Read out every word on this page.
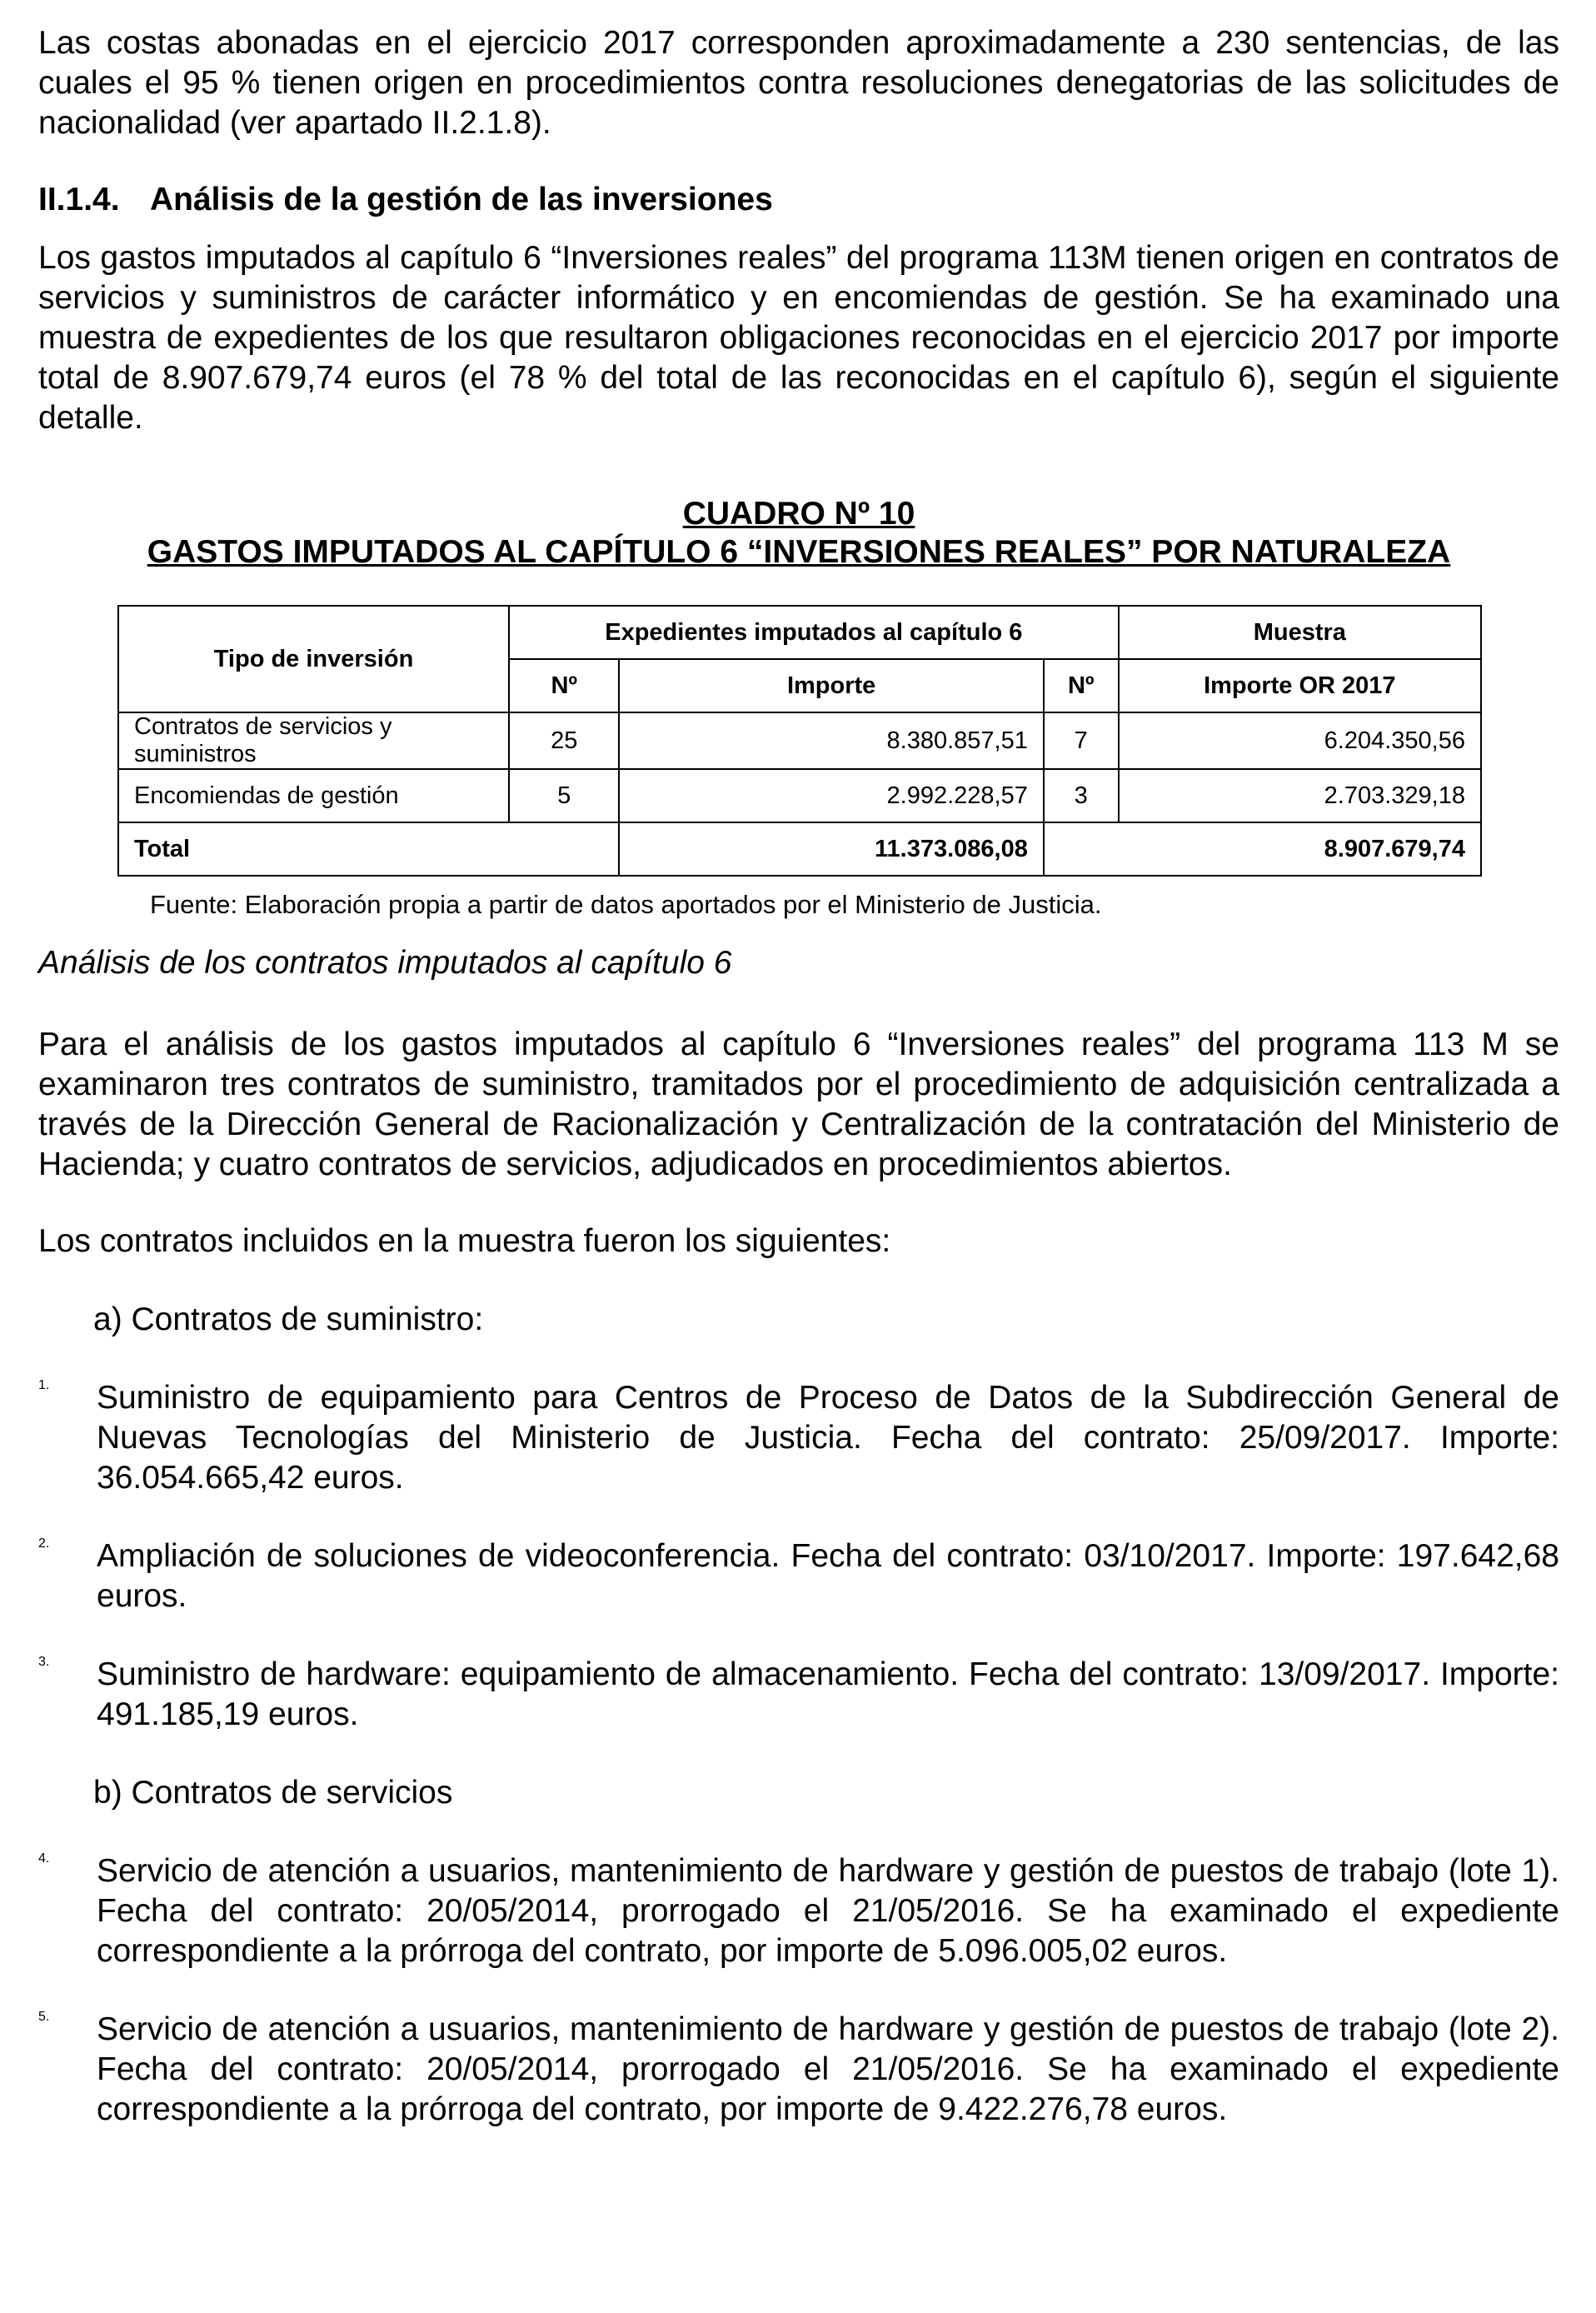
Las costas abonadas en el ejercicio 2017 corresponden aproximadamente a 230 sentencias, de las cuales el 95 % tienen origen en procedimientos contra resoluciones denegatorias de las solicitudes de nacionalidad (ver apartado II.2.1.8).

II.1.4. Análisis de la gestión de las inversiones

Los gastos imputados al capítulo 6 “Inversiones reales” del programa 113M tienen origen en contratos de servicios y suministros de carácter informático y en encomiendas de gestión. Se ha examinado una muestra de expedientes de los que resultaron obligaciones reconocidas en el ejercicio 2017 por importe total de 8.907.679,74 euros (el 78 % del total de las reconocidas en el capítulo 6), según el siguiente detalle.

CUADRO Nº 10
GASTOS IMPUTADOS AL CAPÍTULO 6 “INVERSIONES REALES” POR NATURALEZA
Tipo de inversión	Expedientes imputados al capítulo 6			Muestra
	Nº	Importe	Nº	Importe OR 2017
Contratos de servicios y suministros	25	8.380.857,51	7	6.204.350,56
Encomiendas de gestión	5	2.992.228,57	3	2.703.329,18
Total		11.373.086,08	8.907.679,74	

Fuente: Elaboración propia a partir de datos aportados por el Ministerio de Justicia.

Análisis de los contratos imputados al capítulo 6

Para el análisis de los gastos imputados al capítulo 6 “Inversiones reales” del programa 113 M se examinaron tres contratos de suministro, tramitados por el procedimiento de adquisición centralizada a través de la Dirección General de Racionalización y Centralización de la contratación del Ministerio de Hacienda; y cuatro contratos de servicios, adjudicados en procedimientos abiertos.

Los contratos incluidos en la muestra fueron los siguientes:

a) Contratos de suministro:

1.	Suministro de equipamiento para Centros de Proceso de Datos de la Subdirección General de Nuevas Tecnologías del Ministerio de Justicia. Fecha del contrato: 25/09/2017. Importe: 36.054.665,42 euros.

2.	Ampliación de soluciones de videoconferencia. Fecha del contrato: 03/10/2017. Importe: 197.642,68 euros.

3.	Suministro de hardware: equipamiento de almacenamiento. Fecha del contrato: 13/09/2017. Importe: 491.185,19 euros.

b) Contratos de servicios

4.	Servicio de atención a usuarios, mantenimiento de hardware y gestión de puestos de trabajo (lote 1). Fecha del contrato: 20/05/2014, prorrogado el 21/05/2016. Se ha examinado el expediente correspondiente a la prórroga del contrato, por importe de 5.096.005,02 euros.

5.	Servicio de atención a usuarios, mantenimiento de hardware y gestión de puestos de trabajo (lote 2). Fecha del contrato: 20/05/2014, prorrogado el 21/05/2016. Se ha examinado el expediente correspondiente a la prórroga del contrato, por importe de 9.422.276,78 euros.
